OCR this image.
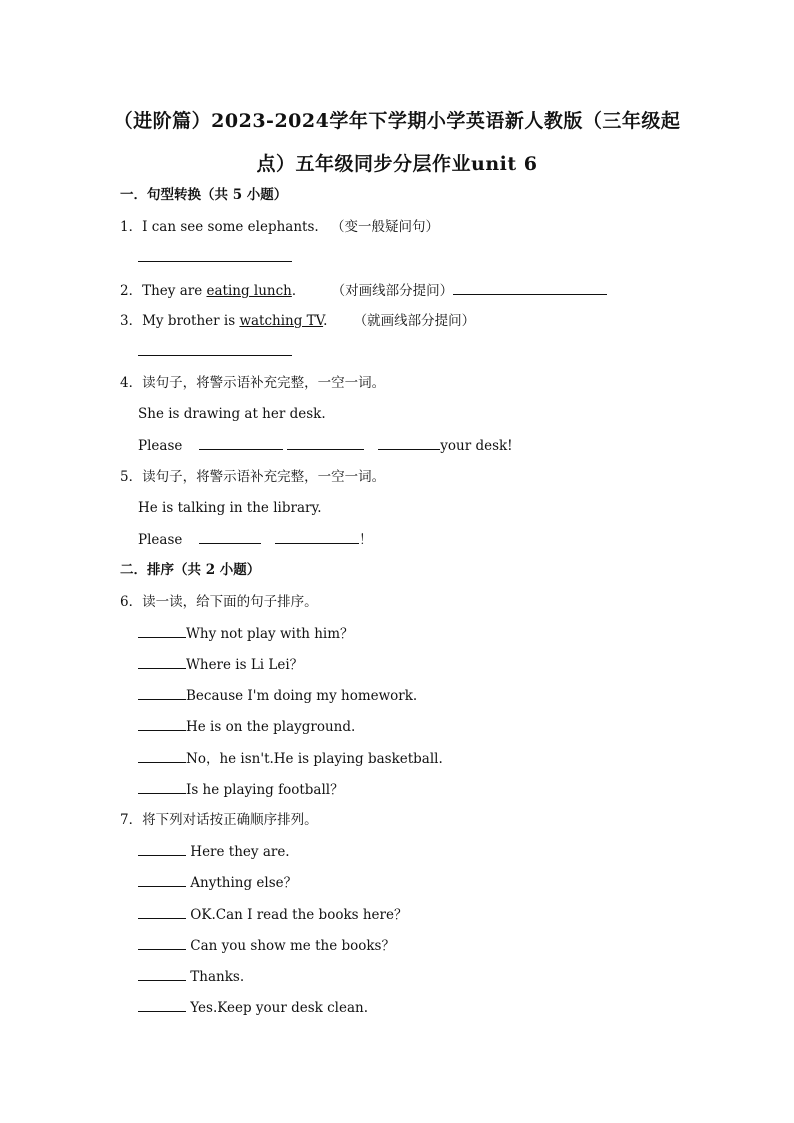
（进阶篇）2023-2024学年下学期小学英语新人教版（三年级起
点）五年级同步分层作业unit 6
一．句型转换（共 5 小题）
1．I can see some elephants. （变一般疑问句）
2．They are eating lunch． （对画线部分提问）
3．My brother is watching TV. （就画线部分提问）
4．读句子，将警示语补充完整，一空一词。
She is drawing at her desk.
Please	your desk!
5．读句子，将警示语补充完整，一空一词。
He is talking in the library.
Please	！
二．排序（共 2 小题）
6．读一读，给下面的句子排序。
Why not play with him？
Where is Li Lei？
Because I'm doing my homework.
He is on the playground.
No，he isn't.He is playing basketball.
Is he playing football？
7．将下列对话按正确顺序排列。
Here they are.
Anything else？
OK.Can I read the books here？
Can you show me the books？
Thanks.
Yes.Keep your desk clean.
